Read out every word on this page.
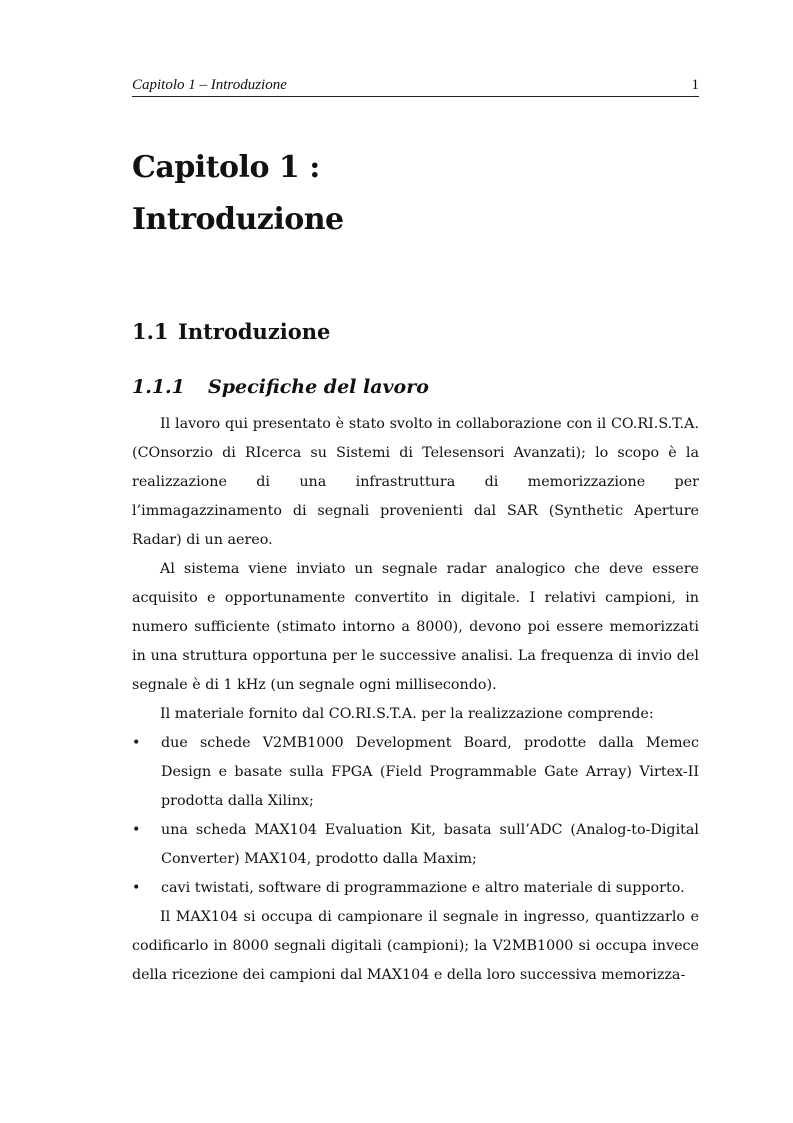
Capitolo 1 – Introduzione	1
Capitolo 1 :
Introduzione
1.1 Introduzione
1.1.1 Specifiche del lavoro

Il lavoro qui presentato è stato svolto in collaborazione con il CO.RI.S.T.A. (COnsorzio di RIcerca su Sistemi di Telesensori Avanzati); lo scopo è la realizzazione di una infrastruttura di memorizzazione per l’immagazzinamento di segnali provenienti dal SAR (Synthetic Aperture Radar) di un aereo.

Al sistema viene inviato un segnale radar analogico che deve essere acquisito e opportunamente convertito in digitale. I relativi campioni, in numero sufficiente (stimato intorno a 8000), devono poi essere memorizzati in una struttura opportuna per le successive analisi. La frequenza di invio del segnale è di 1 kHz (un segnale ogni millisecondo).

Il materiale fornito dal CO.RI.S.T.A. per la realizzazione comprende:

• due schede V2MB1000 Development Board, prodotte dalla Memec Design e basate sulla FPGA (Field Programmable Gate Array) Virtex-II prodotta dalla Xilinx;
• una scheda MAX104 Evaluation Kit, basata sull’ADC (Analog-to-Digital Converter) MAX104, prodotto dalla Maxim;
• cavi twistati, software di programmazione e altro materiale di supporto.

Il MAX104 si occupa di campionare il segnale in ingresso, quantizzarlo e codificarlo in 8000 segnali digitali (campioni); la V2MB1000 si occupa invece della ricezione dei campioni dal MAX104 e della loro successiva memorizza-
